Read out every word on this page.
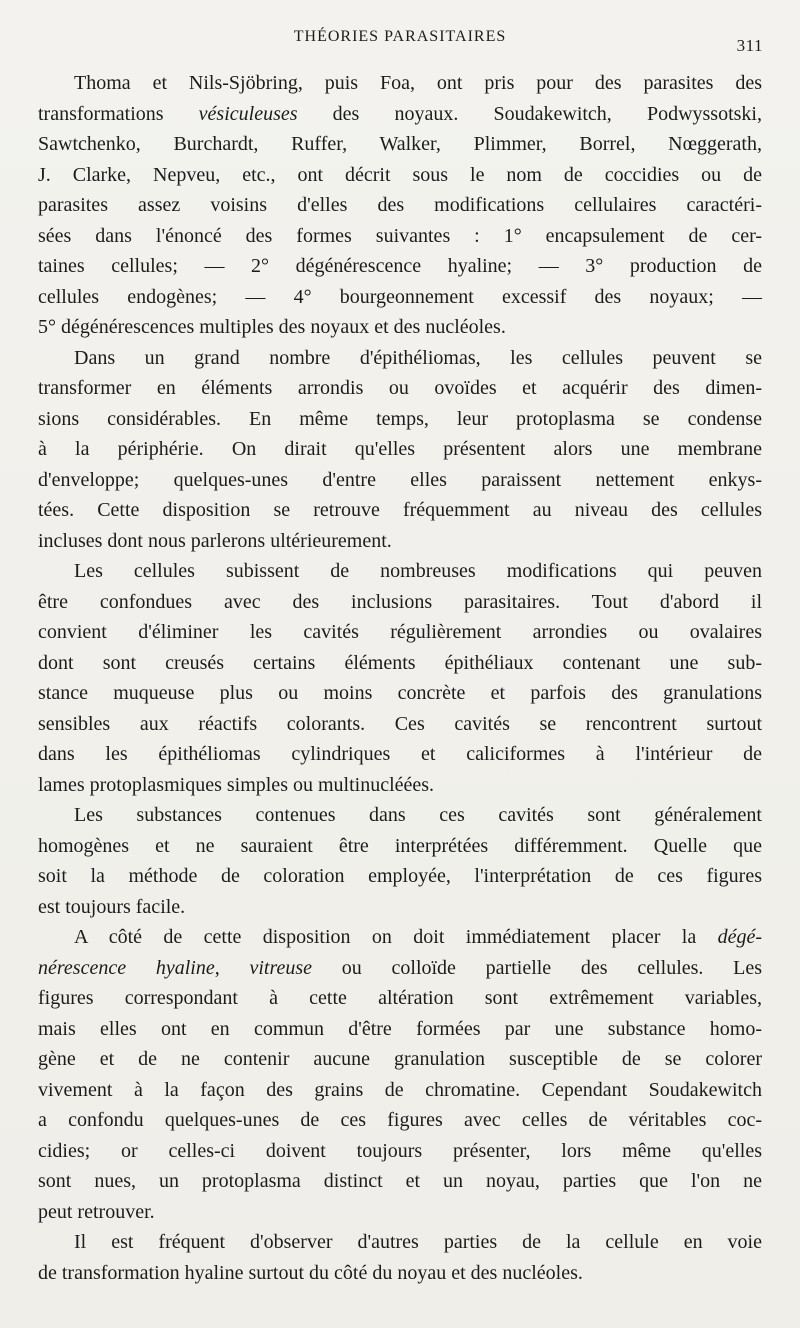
THÉORIES PARASITAIRES	311
Thoma et Nils-Sjöbring, puis Foa, ont pris pour des parasites des
transformations vésiculeuses des noyaux. Soudakewitch, Podwyssotski,
Sawtchenko, Burchardt, Ruffer, Walker, Plimmer, Borrel, Nœggerath,
J. Clarke, Nepveu, etc., ont décrit sous le nom de coccidies ou de
parasites assez voisins d'elles des modifications cellulaires caractéri-
sées dans l'énoncé des formes suivantes : 1° encapsulement de cer-
taines cellules; — 2° dégénérescence hyaline; — 3° production de
cellules endogènes; — 4° bourgeonnement excessif des noyaux; —
5° dégénérescences multiples des noyaux et des nucléoles.
Dans un grand nombre d'épithéliomas, les cellules peuvent se
transformer en éléments arrondis ou ovoïdes et acquérir des dimen-
sions considérables. En même temps, leur protoplasma se condense
à la périphérie. On dirait qu'elles présentent alors une membrane
d'enveloppe; quelques-unes d'entre elles paraissent nettement enkys-
tées. Cette disposition se retrouve fréquemment au niveau des cellules
incluses dont nous parlerons ultérieurement.
Les cellules subissent de nombreuses modifications qui peuven
être confondues avec des inclusions parasitaires. Tout d'abord il
convient d'éliminer les cavités régulièrement arrondies ou ovalaires
dont sont creusés certains éléments épithéliaux contenant une sub-
stance muqueuse plus ou moins concrète et parfois des granulations
sensibles aux réactifs colorants. Ces cavités se rencontrent surtout
dans les épithéliomas cylindriques et caliciformes à l'intérieur de
lames protoplasmiques simples ou multinucléées.
Les substances contenues dans ces cavités sont généralement
homogènes et ne sauraient être interprétées différemment. Quelle que
soit la méthode de coloration employée, l'interprétation de ces figures
est toujours facile.
A côté de cette disposition on doit immédiatement placer la dégé-
nérescence hyaline, vitreuse ou colloïde partielle des cellules. Les
figures correspondant à cette altération sont extrêmement variables,
mais elles ont en commun d'être formées par une substance homo-
gène et de ne contenir aucune granulation susceptible de se colorer
vivement à la façon des grains de chromatine. Cependant Soudakewitch
a confondu quelques-unes de ces figures avec celles de véritables coc-
cidies; or celles-ci doivent toujours présenter, lors même qu'elles
sont nues, un protoplasma distinct et un noyau, parties que l'on ne
peut retrouver.
Il est fréquent d'observer d'autres parties de la cellule en voie
de transformation hyaline surtout du côté du noyau et des nucléoles.
